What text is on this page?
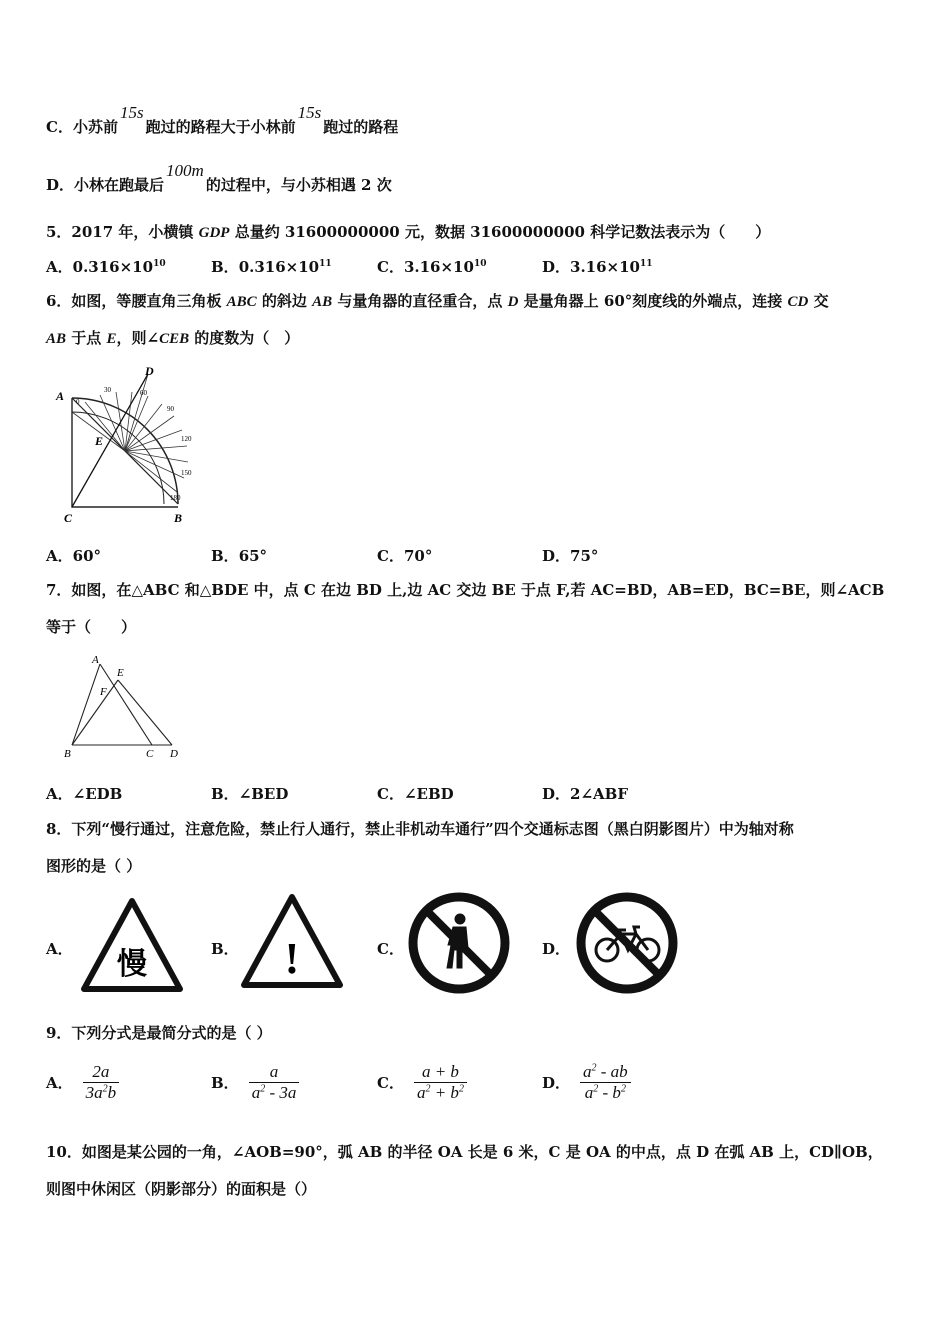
C．小苏前15s跑过的路程大于小林前15s跑过的路程
D．小林在跑最后100m的过程中，与小苏相遇 2 次
5．2017 年，小横镇 GDP 总量约 31600000000 元，数据 31600000000 科学记数法表示为（　　）
A．$0.316\times 10^{10}$	B．$0.316\times 10^{11}$	C．$3.16\times 10^{10}$	D．$3.16\times 10^{11}$
6．如图，等腰直角三角板 ABC 的斜边 AB 与量角器的直径重合，点 D 是量角器上 60°刻度线的外端点，连接 CD 交
AB 于点 E，则∠CEB 的度数为（　）
A
D
E
C	B
0
30	60
90
120
150
180
A．60°	B．65°	C．70°	D．75°
7．如图，在△ABC 和△BDE 中，点 C 在边 BD 上,边 AC 交边 BE 于点 F,若 AC=BD，AB=ED，BC=BE，则∠ACB
等于（　　）
A
E
F
B	C D
A．∠EDB	B．∠BED	C．∠EBD	D．2∠ABF
8．下列“慢行通过，注意危险，禁止行人通行，禁止非机动车通行”四个交通标志图（黑白阴影图片）中为轴对称
图形的是（ ）
A． 慢	B． !	C．	D．
9．下列分式是最简分式的是（ ）
A． $\frac{2a}{3a^2b}$	B． $\frac{a}{a^2 - 3a}$	C． $\frac{a + b}{a^2 + b^2}$	D． $\frac{a^2 - ab}{a^2 - b^2}$
10．如图是某公园的一角，∠AOB=90°，弧 AB 的半径 OA 长是 6 米，C 是 OA 的中点，点 D 在弧 AB 上，CD∥OB，
则图中休闲区（阴影部分）的面积是（）
